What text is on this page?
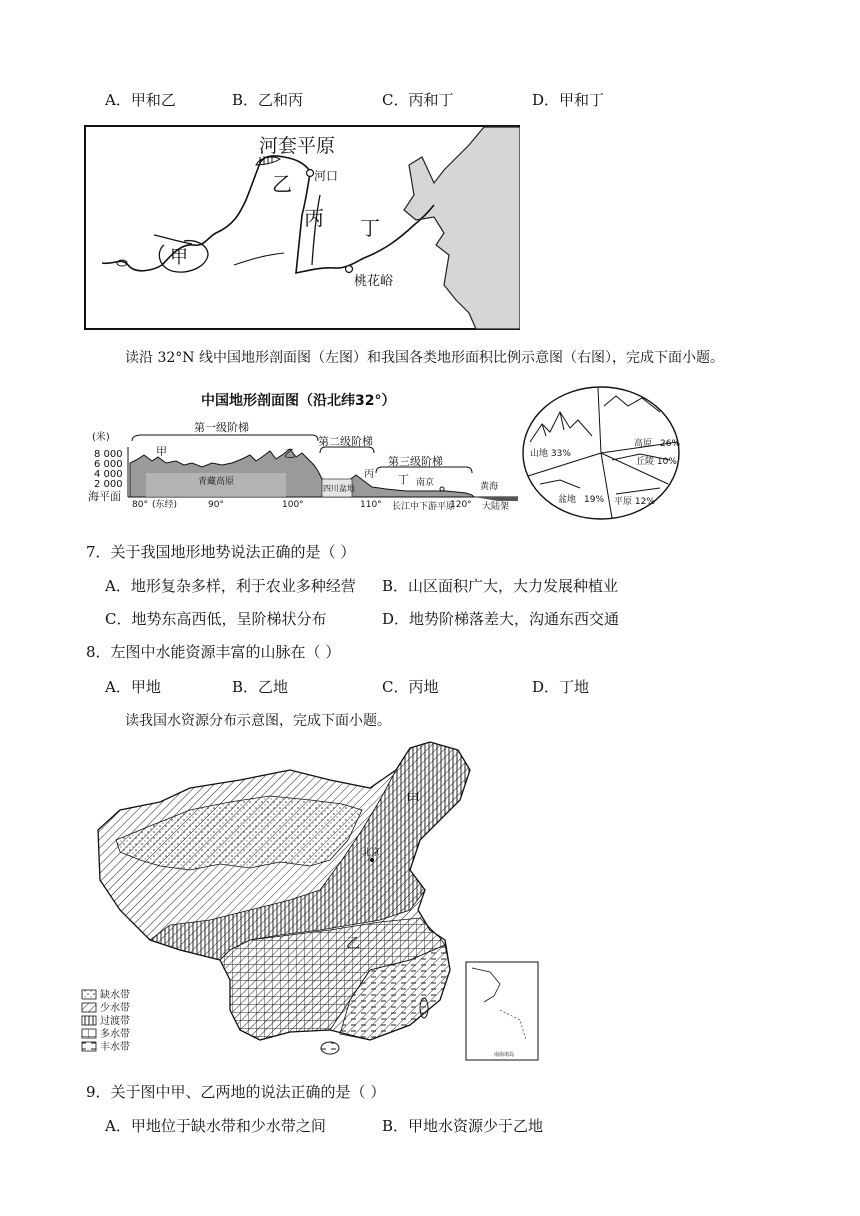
A．甲和乙	B．乙和丙	C．丙和丁	D．甲和丁
河套平原
乙 河口
丙 丁
甲
桃花峪
读沿 32°N 线中国地形剖面图（左图）和我国各类地形面积比例示意图（右图），完成下面小题。
中国地形剖面图（沿北纬32°）
(米)
8 000
6 000
4 000
2 000
海平面
第一级阶梯
第二级阶梯
第三级阶梯
甲	乙
丙 丁
青藏高原
四川盆地
南京	黄海
大陆架
长江中下游平原
80° (东经)	90°	100°	110°	120°
山地 33%
高原 26%
丘陵 10%
盆地 19% 平原 12%
7．关于我国地形地势说法正确的是（ ）
A．地形复杂多样，利于农业多种经营 B．山区面积广大，大力发展种植业
C．地势东高西低，呈阶梯状分布	D．地势阶梯落差大，沟通东西交通
8．左图中水能资源丰富的山脉在（ ）
A．甲地	B．乙地	C．丙地	D．丁地
读我国水资源分布示意图，完成下面小题。
甲
乙
北京
缺水带
少水带
过渡带
多水带
丰水带
南海诸岛
9．关于图中甲、乙两地的说法正确的是（ ）
A．甲地位于缺水带和少水带之间	B．甲地水资源少于乙地
